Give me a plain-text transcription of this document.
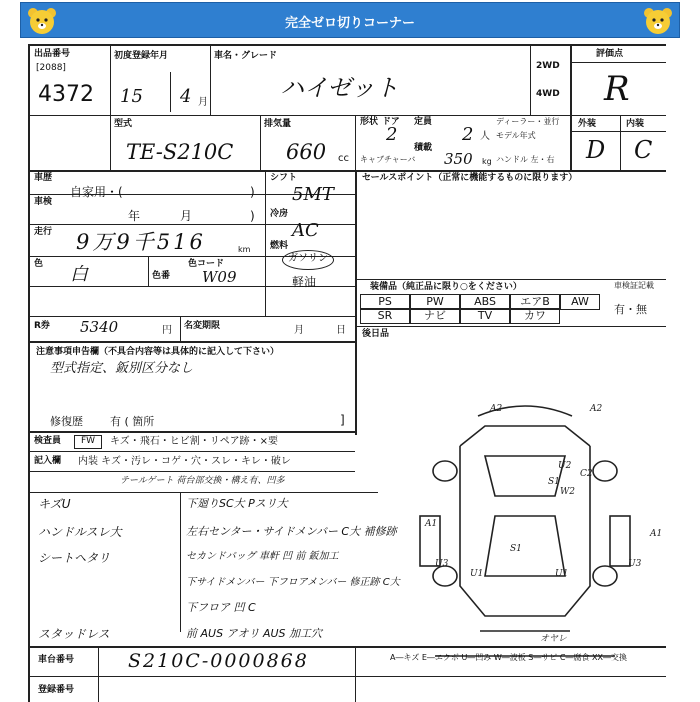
完全ゼロ切りコーナー
出品番号
[2088]
4372
初度登録年月
15 4 月
車名・グレード
ハイゼット
2WD
4WD
評価点
R
外装	内装
D C
型式
TE-S210C
排気量
660 cc
形状
キャブチャーバ
ドア
2
定員
2 人
積載
350 kg
ディーラー・並行
モデル年式
ハンドル 左・右
車歴
自家用・(	)
車検
年	月	)
走行 9万9千516	km
色 白	色番
色コード
W09
R券 5340	円 名変期限	月	日
シフト
5MT
冷房
AC
燃料
ガソリン
軽油
セールスポイント（正常に機能するものに限ります）
装備品（純正品に限り○をください）	車検証記載
PS	PW	ABS	エアB	AW
SR	ナビ	TV	カワ	有・無
後日品
注意事項申告欄（不具合内容等は具体的に記入して下さい）
型式指定、鈑別区分なし
修復歴 有 ( 箇所	]
検査員	FW	キズ・飛石・ヒビ割・リペア跡・×要
記入欄 内装 キズ・汚レ・コゲ・穴・スレ・キレ・破レ
テールゲート 荷台部交換・構え有、凹多
キズU	下廻りSC大 Pスリ大
ハンドルスレ大	左右センター・サイドメンバー C大 補修跡
シートヘタリ	セカンドバッグ 車軒 凹 前 鈑加工
下サイドメンバー 下フロアメンバー 修正跡 C大
下フロア 凹 C
スタッドレス	前 AUS アオリ AUS 加工穴
A2	A2
U2
S1
C2
W2
A1
U3
S1
U1	U1
A1
U3
オヤレ
車台番号	S210C-0000868
登録番号
A―キズ E―エクボ U―凹み W―波板 S―サビ C―腐食 XX―交換
